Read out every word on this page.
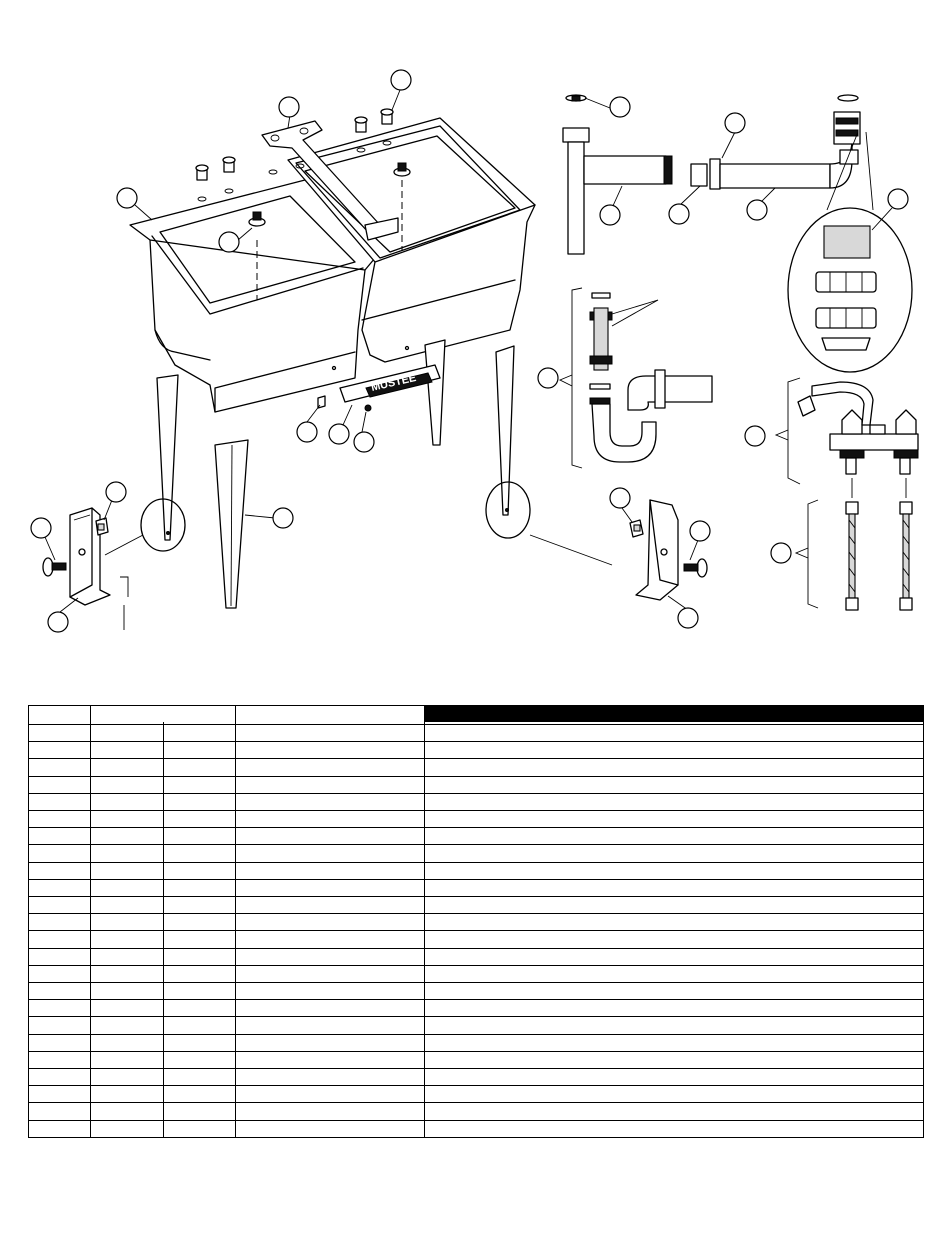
MUSTEE
